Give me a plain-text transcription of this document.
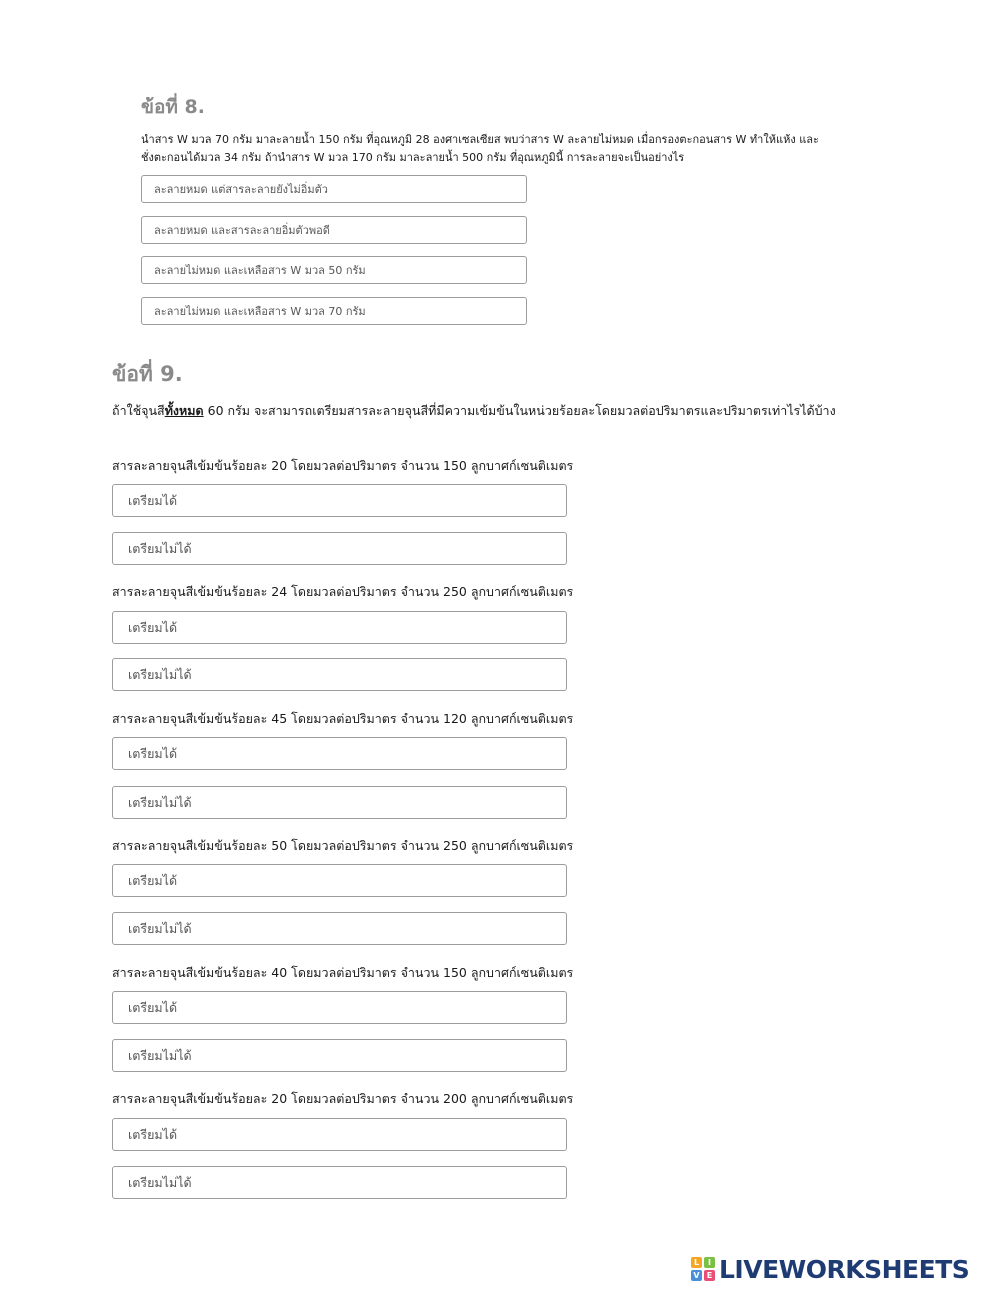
ข้อที่ 8.
นำสาร W มวล 70 กรัม มาละลายน้ำ 150 กรัม ที่อุณหภูมิ 28 องศาเซลเซียส พบว่าสาร W ละลายไม่หมด เมื่อกรองตะกอนสาร W ทำให้แห้ง และชั่งตะกอนได้มวล 34 กรัม ถ้านำสาร W มวล 170 กรัม มาละลายน้ำ 500 กรัม ที่อุณหภูมินี้ การละลายจะเป็นอย่างไร
ละลายหมด แต่สารละลายยังไม่อิ่มตัว
ละลายหมด และสารละลายอิ่มตัวพอดี
ละลายไม่หมด และเหลือสาร W มวล 50 กรัม
ละลายไม่หมด และเหลือสาร W มวล 70 กรัม
ข้อที่ 9.
ถ้าใช้จุนสีทั้งหมด 60 กรัม จะสามารถเตรียมสารละลายจุนสีที่มีความเข้มข้นในหน่วยร้อยละโดยมวลต่อปริมาตรและปริมาตรเท่าไรได้บ้าง
สารละลายจุนสีเข้มข้นร้อยละ 20 โดยมวลต่อปริมาตร จำนวน 150 ลูกบาศก์เซนติเมตร
เตรียมได้
เตรียมไม่ได้
สารละลายจุนสีเข้มข้นร้อยละ 24 โดยมวลต่อปริมาตร จำนวน 250 ลูกบาศก์เซนติเมตร
เตรียมได้
เตรียมไม่ได้
สารละลายจุนสีเข้มข้นร้อยละ 45 โดยมวลต่อปริมาตร จำนวน 120 ลูกบาศก์เซนติเมตร
เตรียมได้
เตรียมไม่ได้
สารละลายจุนสีเข้มข้นร้อยละ 50 โดยมวลต่อปริมาตร จำนวน 250 ลูกบาศก์เซนติเมตร
เตรียมได้
เตรียมไม่ได้
สารละลายจุนสีเข้มข้นร้อยละ 40 โดยมวลต่อปริมาตร จำนวน 150 ลูกบาศก์เซนติเมตร
เตรียมได้
เตรียมไม่ได้
สารละลายจุนสีเข้มข้นร้อยละ 20 โดยมวลต่อปริมาตร จำนวน 200 ลูกบาศก์เซนติเมตร
เตรียมได้
เตรียมไม่ได้
L	I
V E LIVEWORKSHEETS
